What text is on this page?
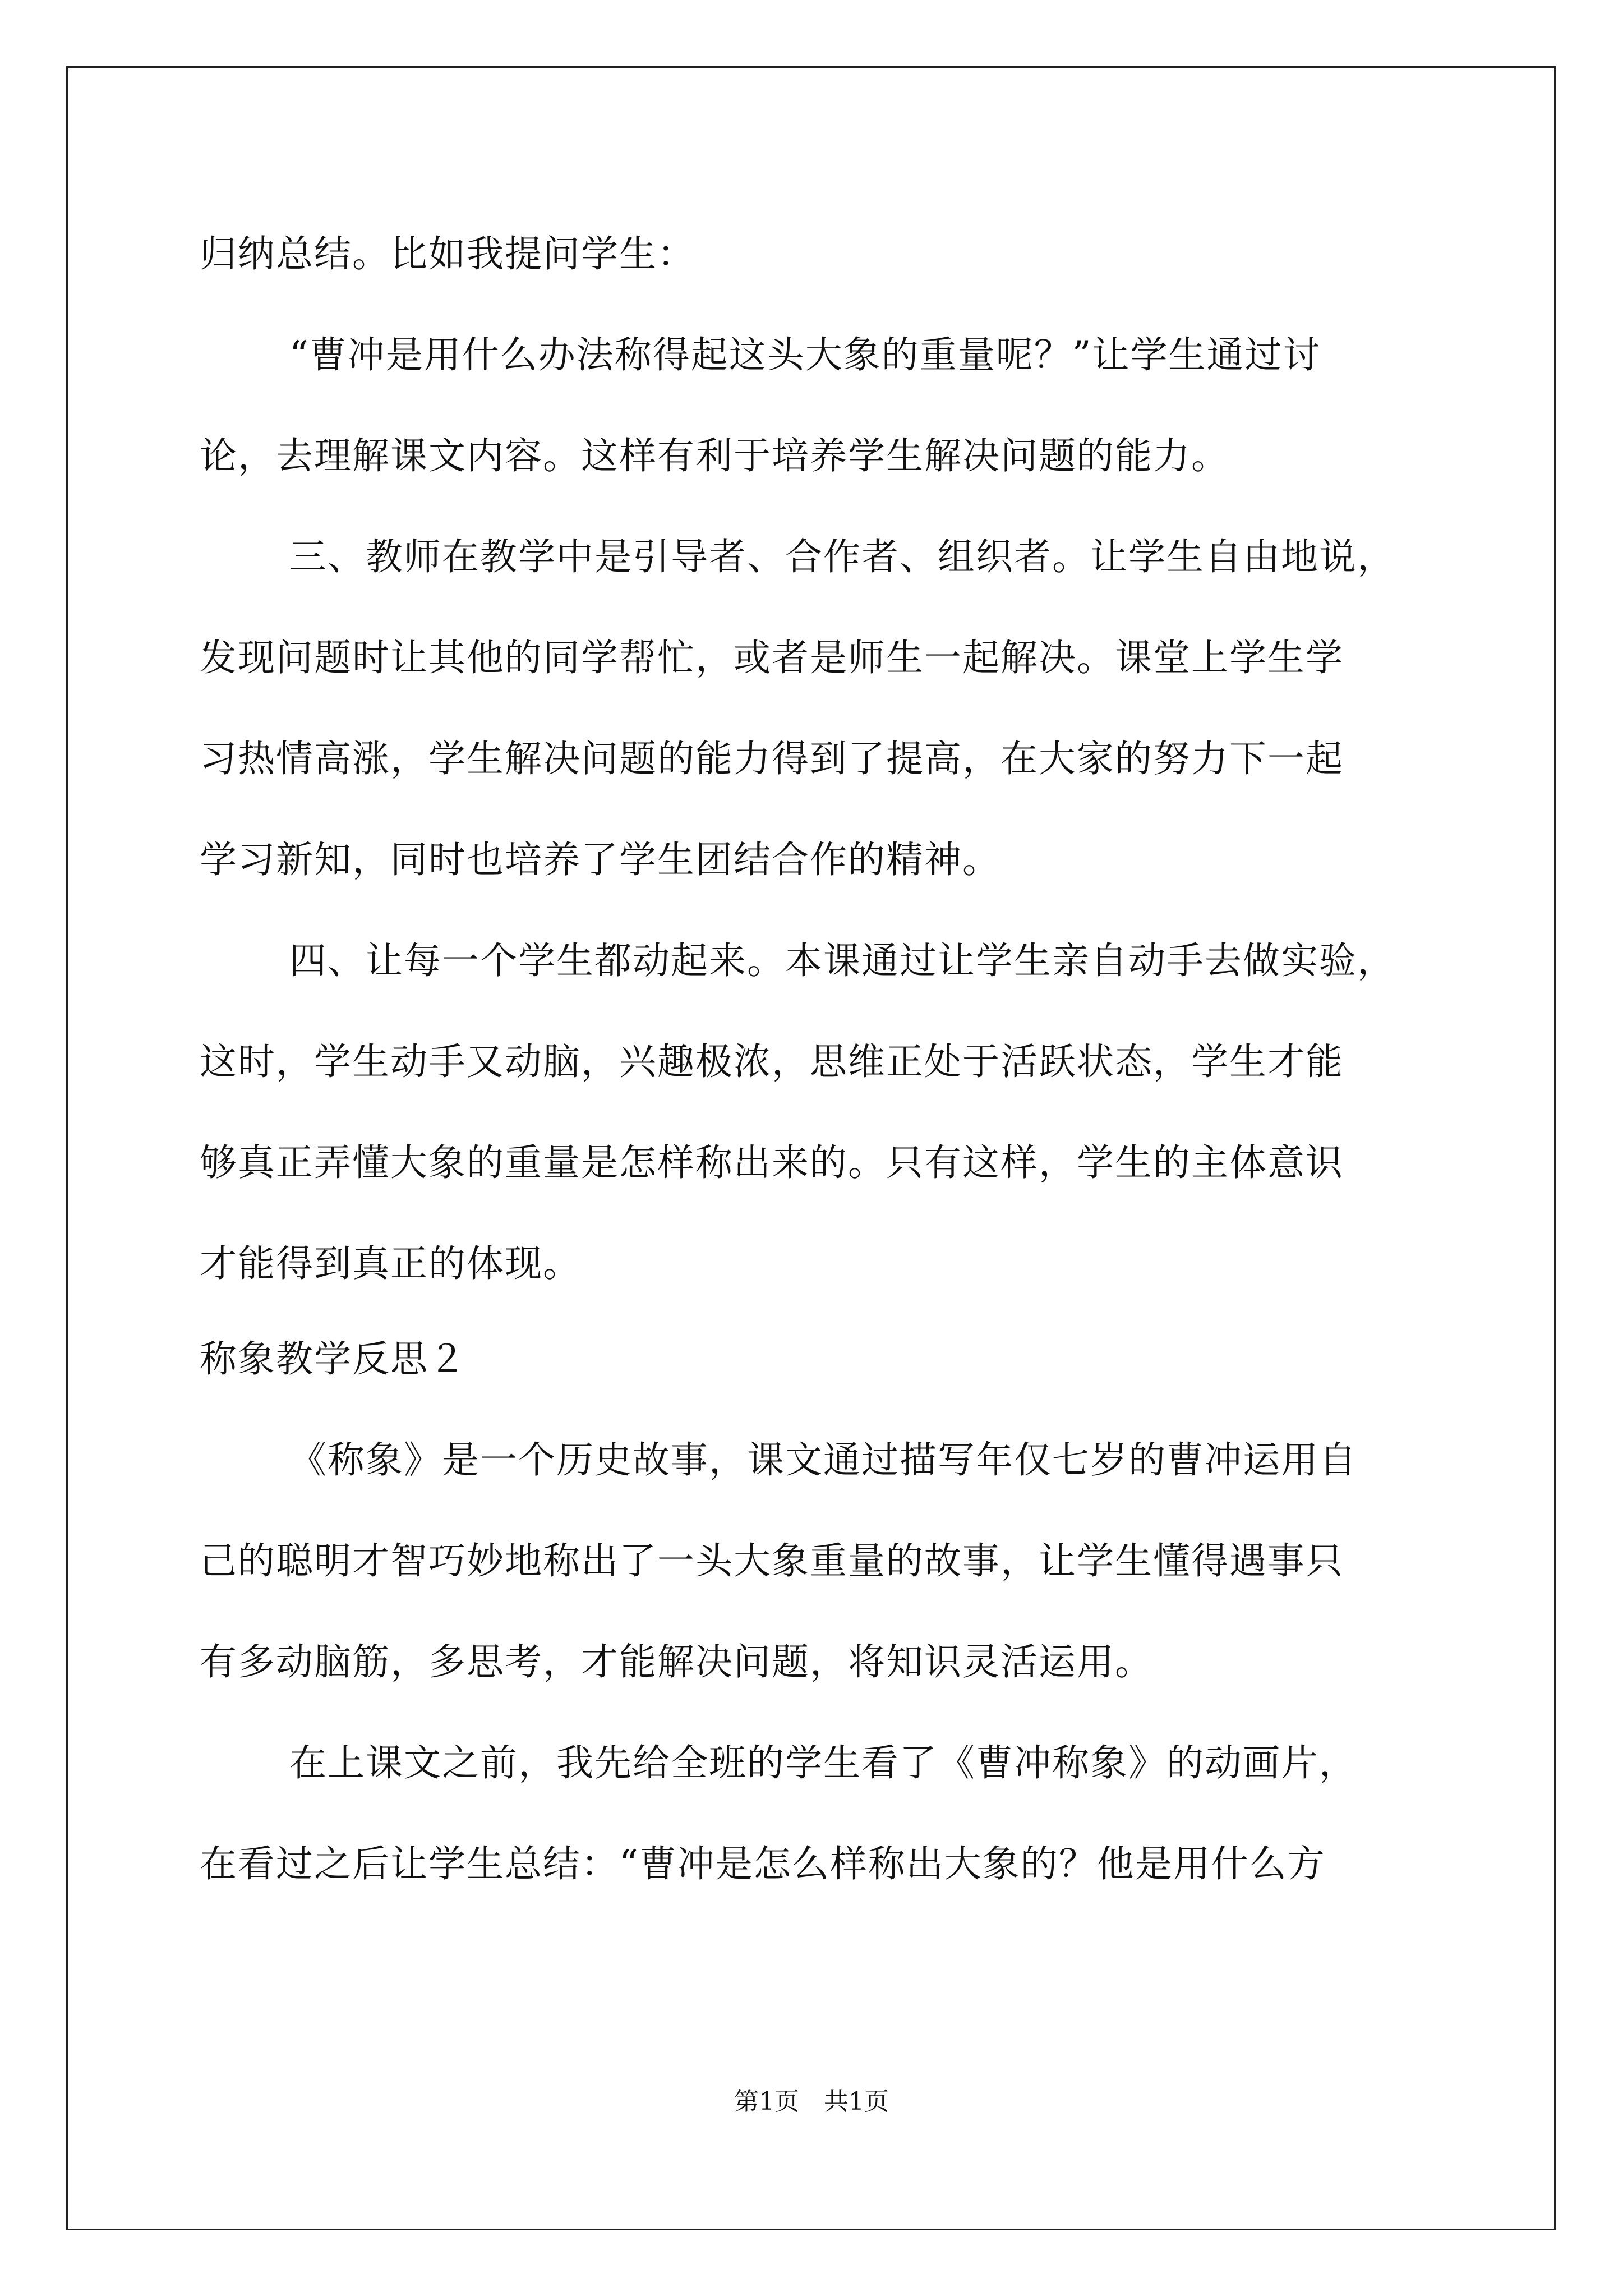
归纳总结。比如我提问学生：
“曹冲是用什么办法称得起这头大象的重量呢？”让学生通过讨
论，去理解课文内容。这样有利于培养学生解决问题的能力。
三、教师在教学中是引导者、合作者、组织者。让学生自由地说，
发现问题时让其他的同学帮忙，或者是师生一起解决。课堂上学生学
习热情高涨，学生解决问题的能力得到了提高，在大家的努力下一起
学习新知，同时也培养了学生团结合作的精神。
四、让每一个学生都动起来。本课通过让学生亲自动手去做实验，
这时，学生动手又动脑，兴趣极浓，思维正处于活跃状态，学生才能
够真正弄懂大象的重量是怎样称出来的。只有这样，学生的主体意识
才能得到真正的体现。
称象教学反思２
《称象》是一个历史故事，课文通过描写年仅七岁的曹冲运用自
己的聪明才智巧妙地称出了一头大象重量的故事，让学生懂得遇事只
有多动脑筋，多思考，才能解决问题，将知识灵活运用。
在上课文之前，我先给全班的学生看了《曹冲称象》的动画片，
在看过之后让学生总结：“曹冲是怎么样称出大象的？他是用什么方
第1页　共1页
